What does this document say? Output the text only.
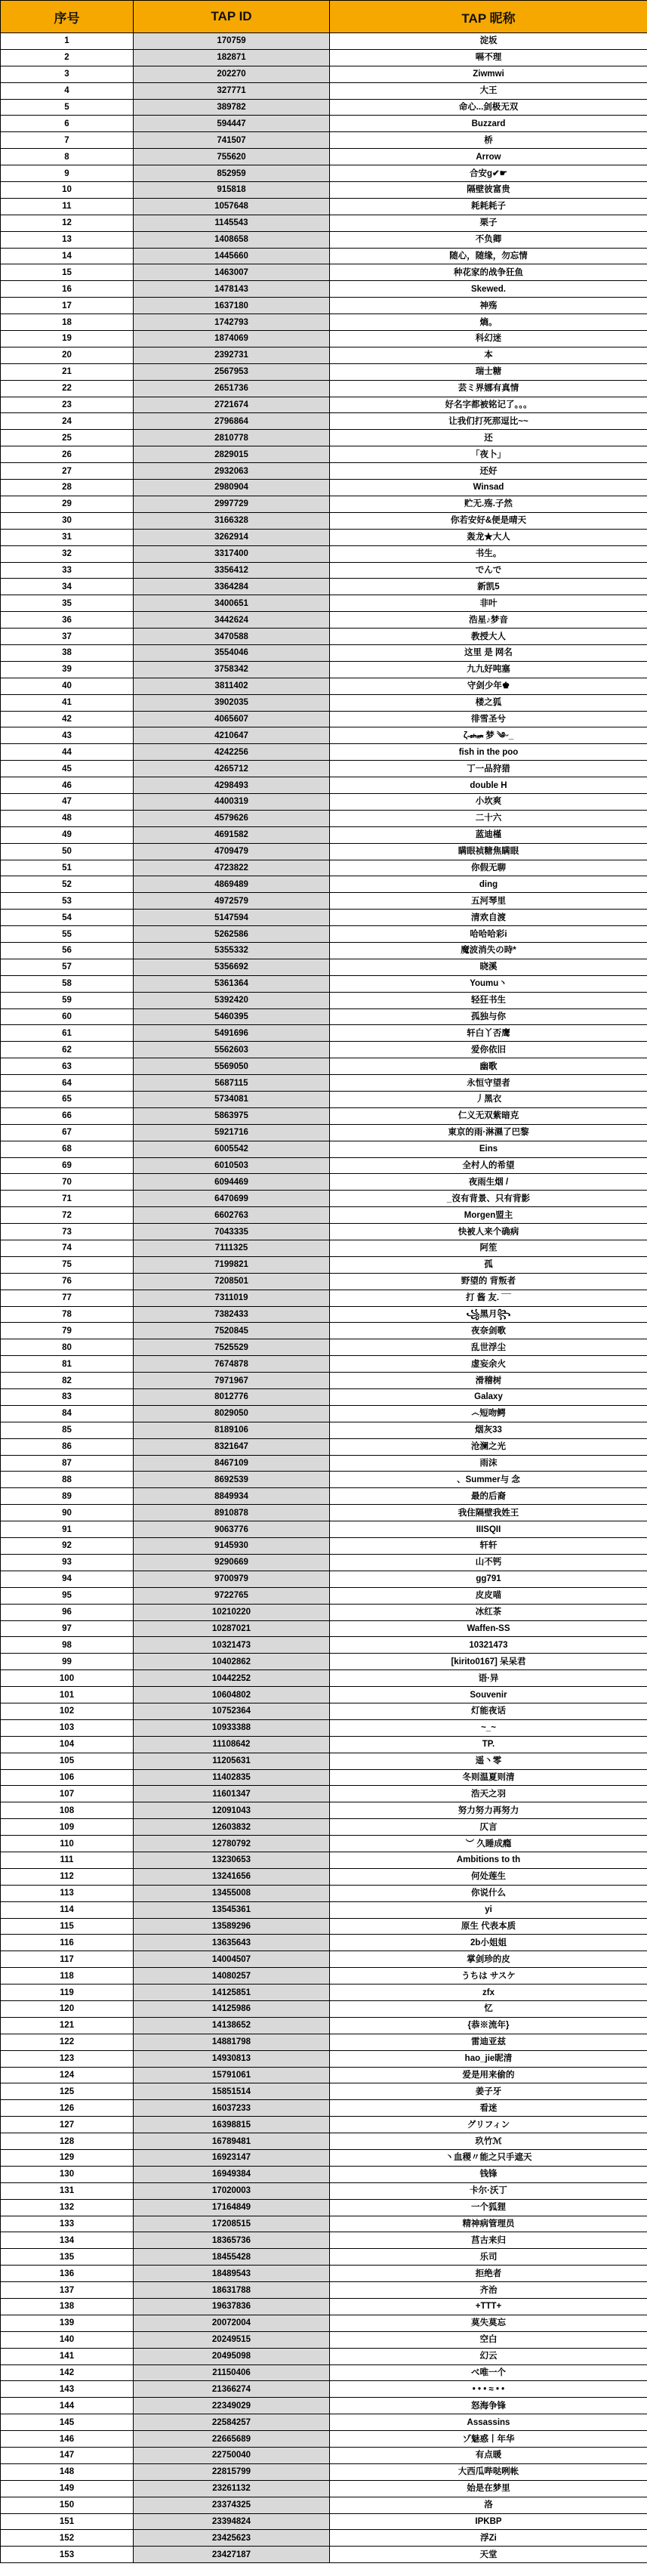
序号	TAP ID	TAP 昵称
1	170759	淀坂
2	182871	嗝不理
3	202270	Ziwmwi
4	327771	大王
5	389782	命心...剑极无双
6	594447	Buzzard
7	741507	桥
8	755620	Arrow
9	852959	合安g✔☛
10	915818	隔壁彼富贵
11	1057648	耗耗耗子
12	1145543	栗子
13	1408658	不负卿
14	1445660	随心，随缘，勿忘情
15	1463007	种花家的战争狂鱼
16	1478143	Skewed.
17	1637180	神殇
18	1742793	熵。
19	1874069	科幻迷
20	2392731	本
21	2567953	瑞士糖
22	2651736	芸ミ界娜有真情
23	2721674	好名字都被铭记了。。。
24	2796864	让我们打死那逗比~~
25	2810778	还
26	2829015	「夜卜」
27	2932063	还好
28	2980904	Winsad
29	2997729	贮无.殇.子然
30	3166328	你若安好&便是晴天
31	3262914	轰龙★大人
32	3317400	书生。
33	3356412	でんで
34	3364284	新凯5
35	3400651	非叶
36	3442624	浩星♪梦音
37	3470588	教授大人
38	3554046	这里 是 网名
39	3758342	九九好吨塞
40	3811402	守剑少年♚
41	3902035	楼之狐
42	4065607	徘雪圣兮
43	4210647	ζ ̶ₛₕ̶ₐ̶ₙ̶ 梦 ༄ᵕ_
44	4242256	fish in the poo
45	4265712	丁一品狩猎
46	4298493	double H
47	4400319	小坎爽
48	4579626	二十六
49	4691582	蓝迪槿
50	4709479	瞒眼祯糖焦瞒眼
51	4723822	你假无聊
52	4869489	ding
53	4972579	五河琴里
54	5147594	清欢自渡
55	5262586	哈哈哈彩i
56	5355332	魔波消失の時*
57	5356692	晓溪
58	5361364	Youmu丶
59	5392420	轻狂书生
60	5460395	孤独与你
61	5491696	轩白丫否鹰
62	5562603	爱你依旧
63	5569050	幽歌
64	5687115	永恒守望者
65	5734081	丿黑衣
66	5863975	仁义无双紫暗克
67	5921716	東京的雨·淋濕了巴黎
68	6005542	Eins
69	6010503	全村人的希望
70	6094469	夜雨生烟 /
71	6470699	_沒有背景、只有背影
72	6602763	Morgen盟主
73	7043335	快被人来个确病
74	7111325	阿笙
75	7199821	孤
76	7208501	野望的 背叛者
77	7311019	打 酱 友. ¯¯
78	7382433	꧁黑月꧂
79	7520845	夜奈剑歌
80	7525529	乱世浮尘
81	7674878	虚妄余火
82	7971967	滑稽树
83	8012776	Galaxy
84	8029050	෴短吻鳄
85	8189106	烟灰33
86	8321647	沧澜之光
87	8467109	雨沫
88	8692539	、Summer与 念
89	8849934	最的后裔
90	8910878	我住隔壁我姓王
91	9063776	IIISQII
92	9145930	轩轩
93	9290669	山不钙
94	9700979	gg791
95	9722765	皮皮喵
96	10210220	冰红茶
97	10287021	Waffen-SS
98	10321473	10321473
99	10402862	[kirito0167] 呆呆君
100	10442252	语·异
101	10604802	Souvenir
102	10752364	灯能夜话
103	10933388	~_~
104	11108642	TP.
105	11205631	遥丶零
106	11402835	冬则温夏则清
107	11601347	浩天之羽
108	12091043	努力努力再努力
109	12603832	仄言
110	12780792	︶ 久睡成瘾
111	13230653	Ambitions to th
112	13241656	何处莲生
113	13455008	你说什么
114	13545361	yi
115	13589296	原生 代表本质
116	13635643	2b小姐姐
117	14004507	掌剑珍的皮
118	14080257	うちは サスケ
119	14125851	zfx
120	14125986	忆
121	14138652	{恭※流年}
122	14881798	雷迪亚兹
123	14930813	hao_jie昵清
124	15791061	爱是用来偷的
125	15851514	姜子牙
126	16037233	看迷
127	16398815	グリフィン
128	16789481	玖竹ℳ
129	16923147	丶血稷〃能之只手遮天
130	16949384	钱锋
131	17020003	卡尔·沃丁
132	17164849	一个狐狸
133	17208515	精神病管理员
134	18365736	莒古来归
135	18455428	乐司
136	18489543	拒绝者
137	18631788	齐治
138	19637836	+TTT+
139	20072004	莫失莫忘
140	20249515	空白
141	20495098	幻云
142	21150406	べ唯一个
143	21366274	• • • ≈ • •
144	22349029	怒海争锋
145	22584257	Assassins
146	22665689	ゾ魅惑丨年华
147	22750040	有点暖
148	22815799	大西瓜哔哒咧帐
149	23261132	始是在梦里
150	23374325	洛
151	23394824	IPKBP
152	23425623	浮Zi
153	23427187	天堂
